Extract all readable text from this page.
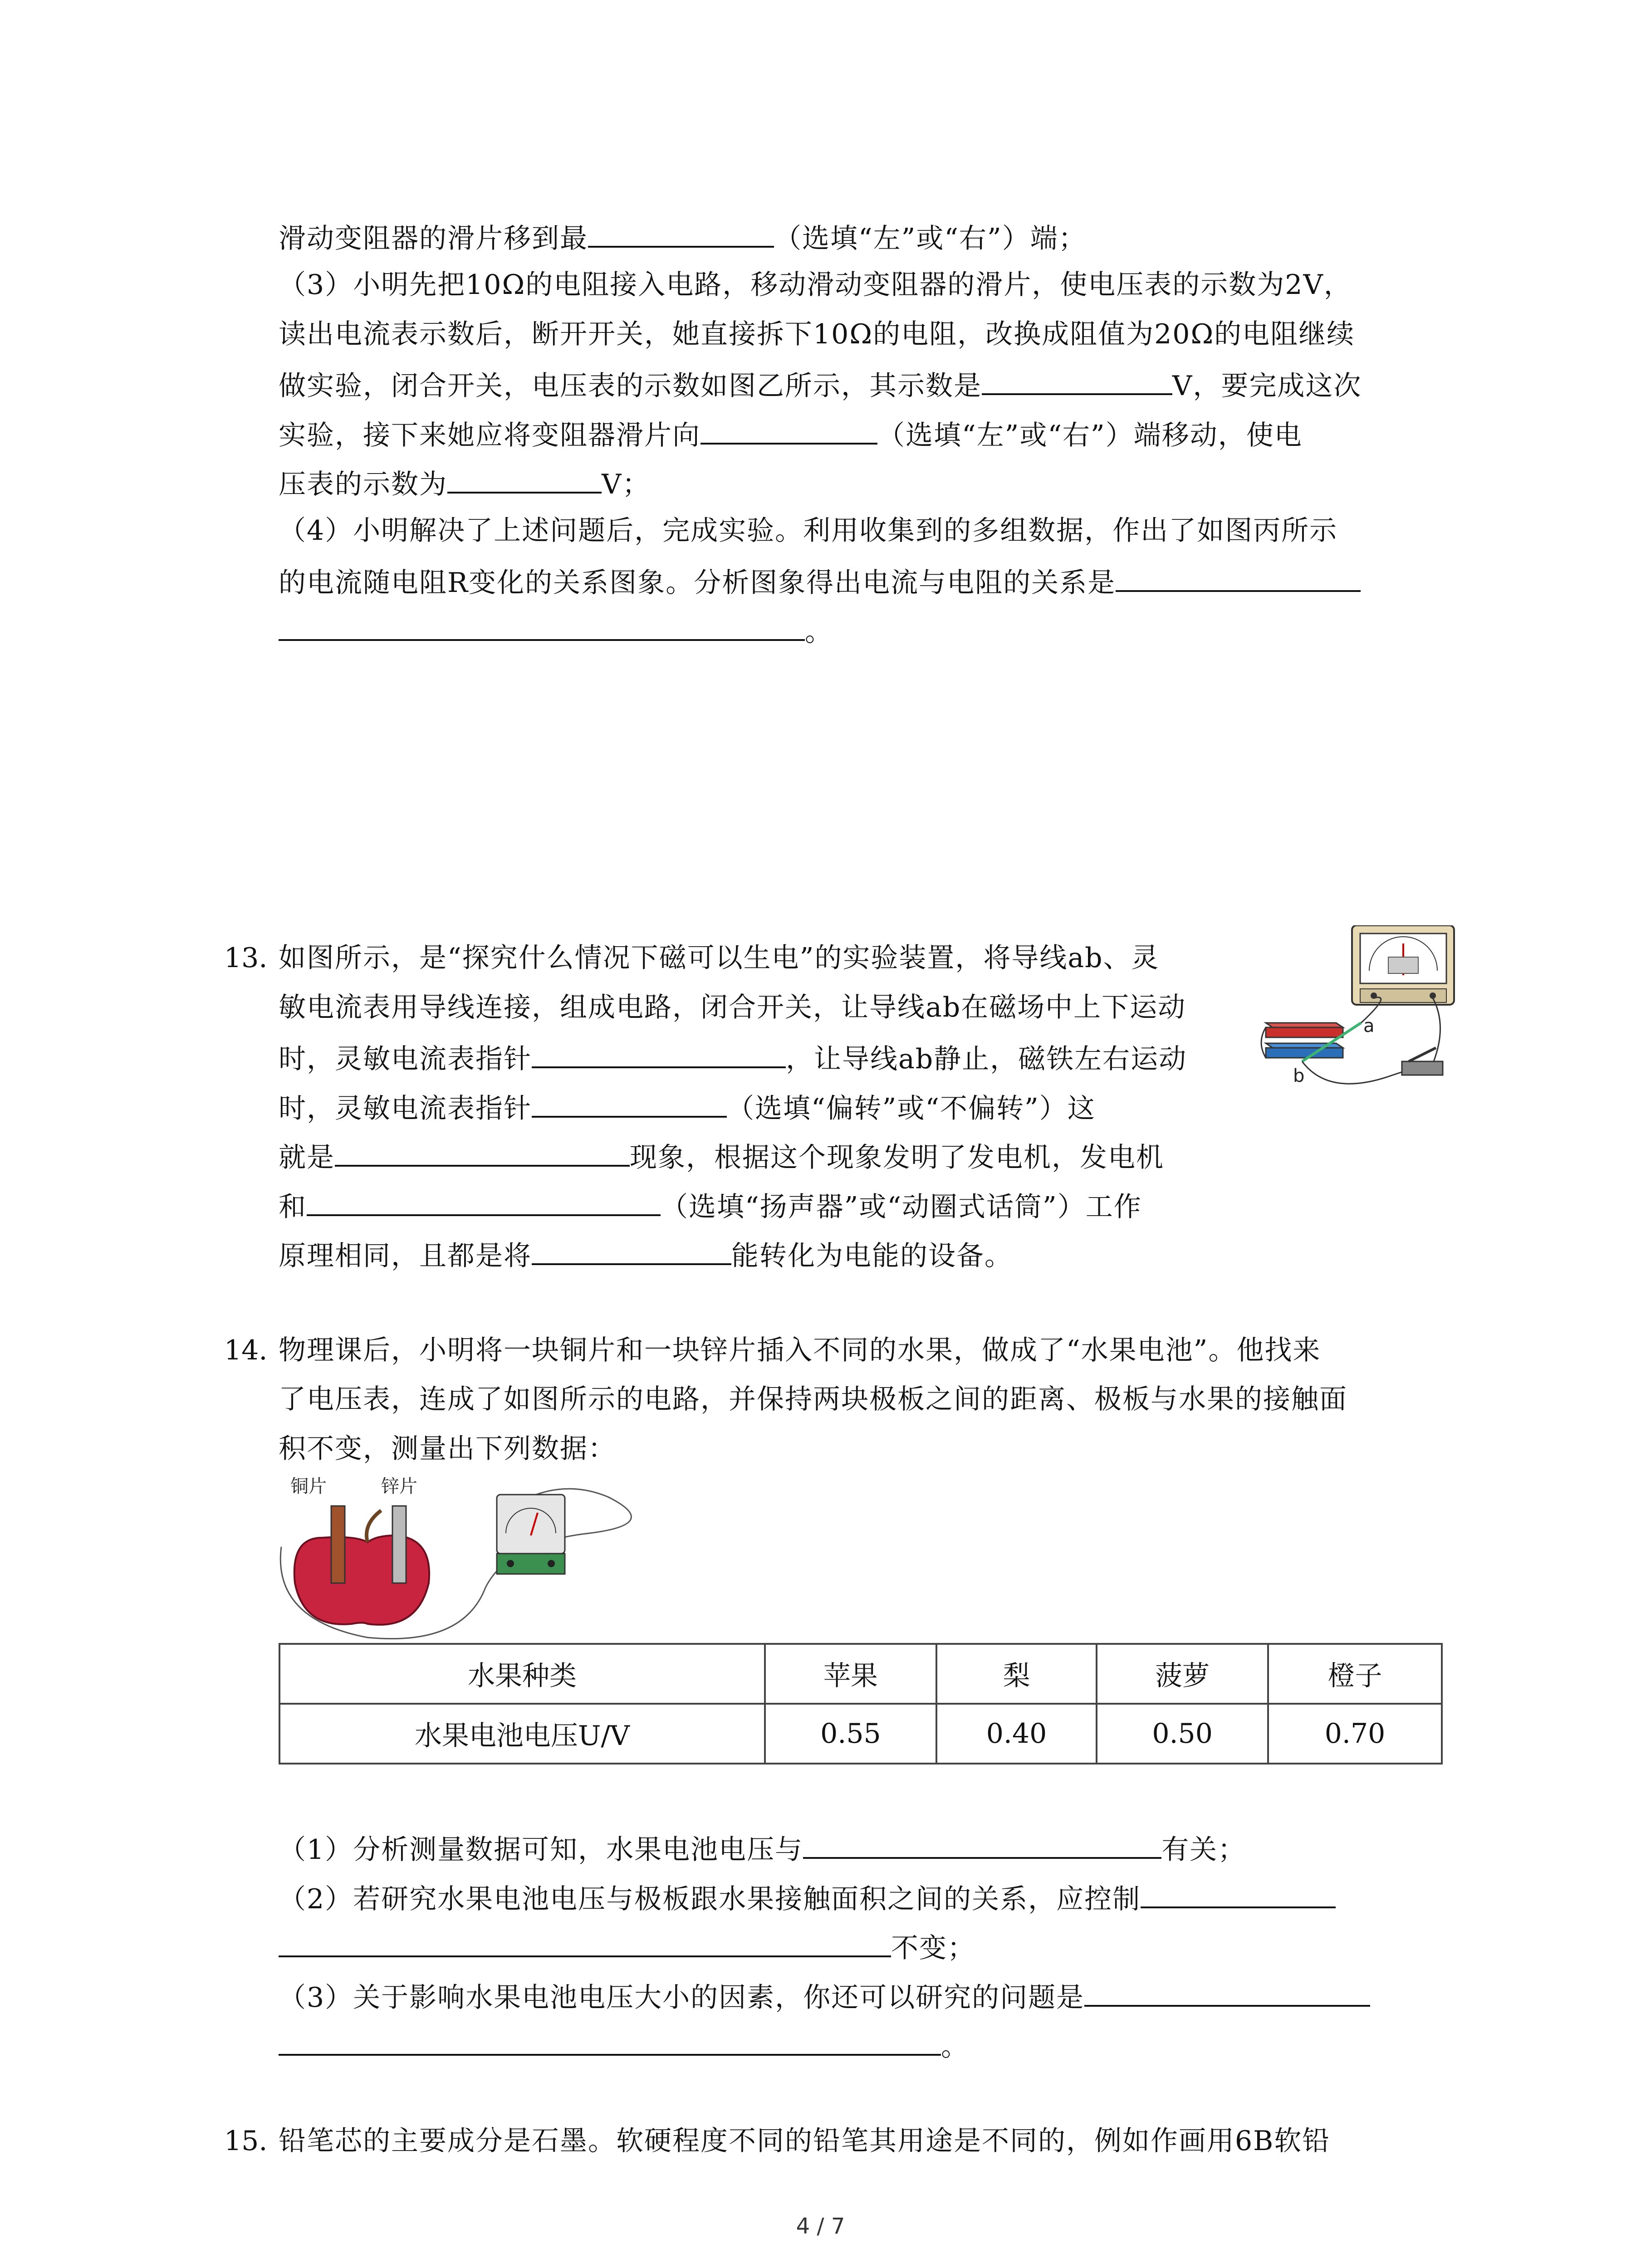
滑动变阻器的滑片移到最	（选填“左”或“右”）端；
（3）小明先把10Ω的电阻接入电路，移动滑动变阻器的滑片，使电压表的示数为2V，
读出电流表示数后，断开开关，她直接拆下10Ω的电阻，改换成阻值为20Ω的电阻继续
做实验，闭合开关，电压表的示数如图乙所示，其示数是	V，要完成这次
实验，接下来她应将变阻器滑片向	（选填“左”或“右”）端移动，使电
压表的示数为	V；
（4）小明解决了上述问题后，完成实验。利用收集到的多组数据，作出了如图丙所示
的电流随电阻R变化的关系图象。分析图象得出电流与电阻的关系是
。
13. 如图所示，是“探究什么情况下磁可以生电”的实验装置，将导线ab、灵
敏电流表用导线连接，组成电路，闭合开关，让导线ab在磁场中上下运动
时，灵敏电流表指针	，让导线ab静止，磁铁左右运动
时，灵敏电流表指针	（选填“偏转”或“不偏转”）这
就是	现象，根据这个现象发明了发电机，发电机
和	（选填“扬声器”或“动圈式话筒”）工作
原理相同，且都是将	能转化为电能的设备。
a
b
14. 物理课后，小明将一块铜片和一块锌片插入不同的水果，做成了“水果电池”。他找来
了电压表，连成了如图所示的电路，并保持两块极板之间的距离、极板与水果的接触面
积不变，测量出下列数据：
铜片	锌片
水果种类	苹果	梨	菠萝	橙子
水果电池电压U/V	0.55	0.40	0.50	0.70
（1）分析测量数据可知，水果电池电压与	有关；
（2）若研究水果电池电压与极板跟水果接触面积之间的关系，应控制
不变；
（3）关于影响水果电池电压大小的因素，你还可以研究的问题是
。
15. 铅笔芯的主要成分是石墨。软硬程度不同的铅笔其用途是不同的，例如作画用6B软铅
4 / 7
